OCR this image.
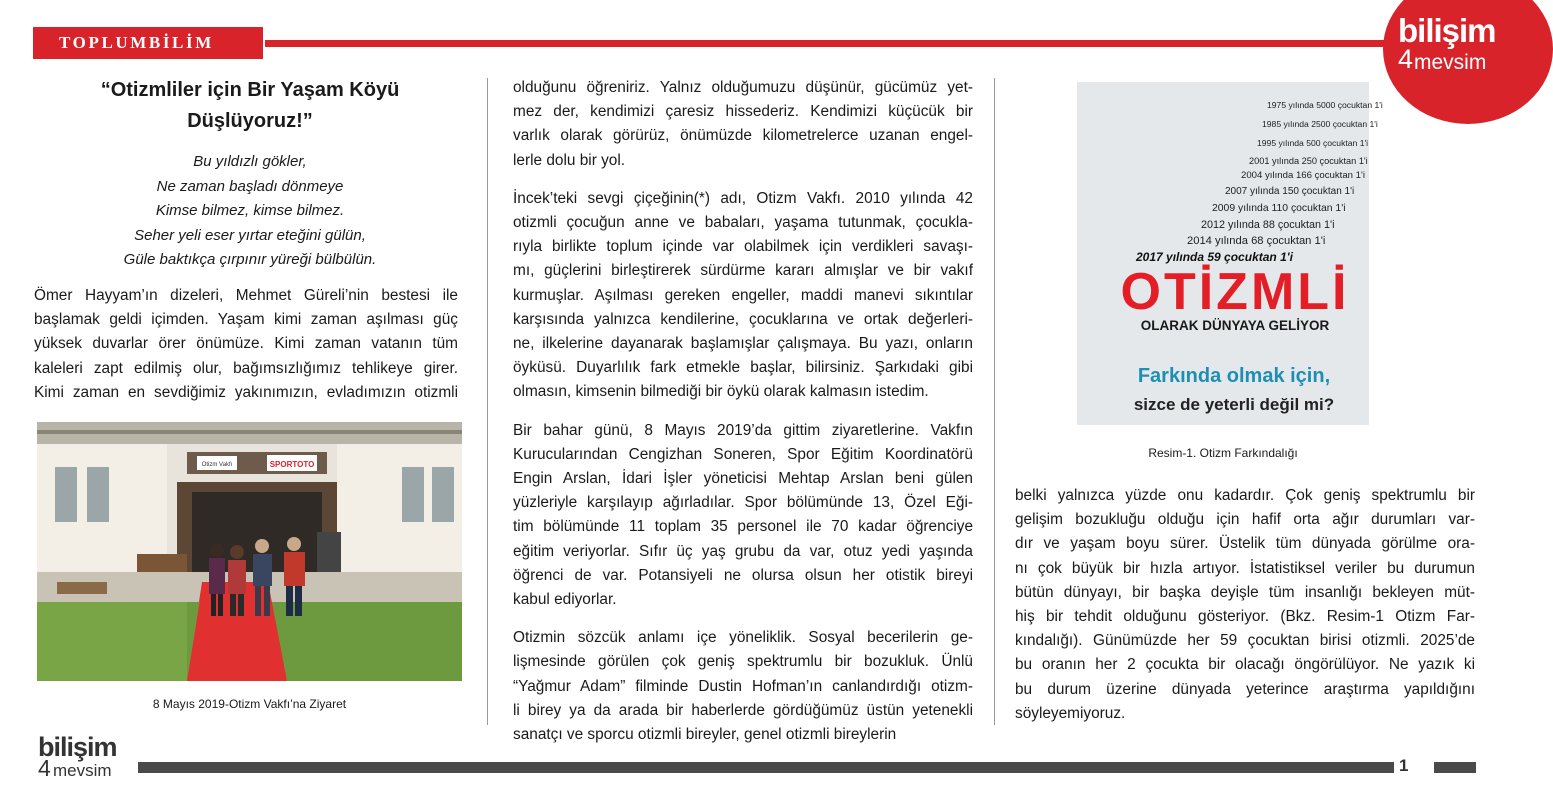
TOPLUMBİLİM	bilişim
4 mevsim
“Otizmliler için Bir Yaşam Köyü
Düşlüyoruz!”
Bu yıldızlı gökler,
Ne zaman başladı dönmeye
Kimse bilmez, kimse bilmez.
Seher yeli eser yırtar eteğini gülün,
Güle baktıkça çırpınır yüreği bülbülün.

Ömer Hayyam’ın dizeleri, Mehmet Güreli’nin bestesi ile
başlamak geldi içimden. Yaşam kimi zaman aşılması güç
yüksek duvarlar örer önümüze. Kimi zaman vatanın tüm
kaleleri zapt edilmiş olur, bağımsızlığımız tehlikeye girer.
Kimi zaman en sevdiğimiz yakınımızın, evladımızın otizmli

Otizm Vakfı	SPORTOTO
8 Mayıs 2019-Otizm Vakfı’na Ziyaret

olduğunu öğreniriz. Yalnız olduğumuzu düşünür, gücümüz yet-
mez der, kendimizi çaresiz hissederiz. Kendimizi küçücük bir
varlık olarak görürüz, önümüzde kilometrelerce uzanan engel-
lerle dolu bir yol.

İncek’teki sevgi çiçeğinin(*) adı, Otizm Vakfı. 2010 yılında 42
otizmli çocuğun anne ve babaları, yaşama tutunmak, çocukla-
rıyla birlikte toplum içinde var olabilmek için verdikleri savaşı-
mı, güçlerini birleştirerek sürdürme kararı almışlar ve bir vakıf
kurmuşlar. Aşılması gereken engeller, maddi manevi sıkıntılar
karşısında yalnızca kendilerine, çocuklarına ve ortak değerleri-
ne, ilkelerine dayanarak başlamışlar çalışmaya. Bu yazı, onların
öyküsü. Duyarlılık fark etmekle başlar, bilirsiniz. Şarkıdaki gibi
olmasın, kimsenin bilmediği bir öykü olarak kalmasın istedim.

Bir bahar günü, 8 Mayıs 2019’da gittim ziyaretlerine. Vakfın
Kurucularından Cengizhan Soneren, Spor Eğitim Koordinatörü
Engin Arslan, İdari İşler yöneticisi Mehtap Arslan beni gülen
yüzleriyle karşılayıp ağırladılar. Spor bölümünde 13, Özel Eği-
tim bölümünde 11 toplam 35 personel ile 70 kadar öğrenciye
eğitim veriyorlar. Sıfır üç yaş grubu da var, otuz yedi yaşında
öğrenci de var. Potansiyeli ne olursa olsun her otistik bireyi
kabul ediyorlar.

Otizmin sözcük anlamı içe yöneliklik. Sosyal becerilerin ge-
lişmesinde görülen çok geniş spektrumlu bir bozukluk. Ünlü
“Yağmur Adam” filminde Dustin Hofman’ın canlandırdığı otizm-
li birey ya da arada bir haberlerde gördüğümüz üstün yetenekli
sanatçı ve sporcu otizmli bireyler, genel otizmli bireylerin

1975 yılında 5000 çocuktan 1'i
1985 yılında 2500 çocuktan 1'i
1995 yılında 500 çocuktan 1'i
2001 yılında 250 çocuktan 1'i
2004 yılında 166 çocuktan 1'i
2007 yılında 150 çocuktan 1'i
2009 yılında 110 çocuktan 1'i
2012 yılında 88 çocuktan 1'i
2014 yılında 68 çocuktan 1'i
2017 yılında 59 çocuktan 1'i
OTİZMLİ
OLARAK DÜNYAYA GELİYOR
Farkında olmak için,
sizce de yeterli değil mi?
Resim-1. Otizm Farkındalığı

belki yalnızca yüzde onu kadardır. Çok geniş spektrumlu bir
gelişim bozukluğu olduğu için hafif orta ağır durumları var-
dır ve yaşam boyu sürer. Üstelik tüm dünyada görülme ora-
nı çok büyük bir hızla artıyor. İstatistiksel veriler bu durumun
bütün dünyayı, bir başka deyişle tüm insanlığı bekleyen müt-
hiş bir tehdit olduğunu gösteriyor. (Bkz. Resim-1 Otizm Far-
kındalığı). Günümüzde her 59 çocuktan birisi otizmli. 2025’de
bu oranın her 2 çocukta bir olacağı öngörülüyor. Ne yazık ki
bu durum üzerine dünyada yeterince araştırma yapıldığını
söyleyemiyoruz.

bilişim
4 mevsim	1
